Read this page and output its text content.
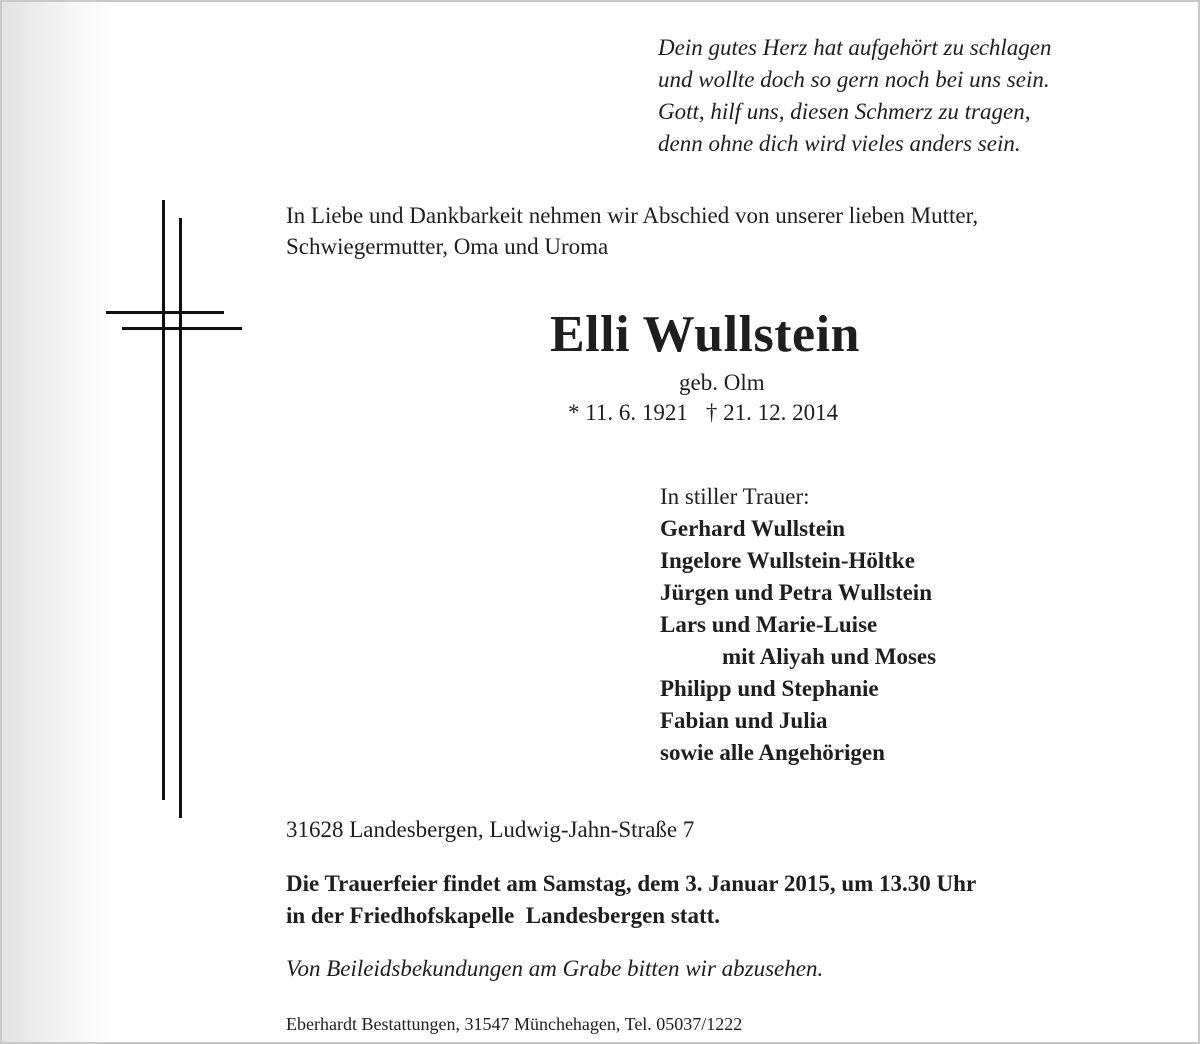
Dein gutes Herz hat aufgehört zu schlagen
und wollte doch so gern noch bei uns sein.
Gott, hilf uns, diesen Schmerz zu tragen,
denn ohne dich wird vieles anders sein.
In Liebe und Dankbarkeit nehmen wir Abschied von unserer lieben Mutter,
Schwiegermutter, Oma und Uroma
Elli Wullstein
geb. Olm
* 11. 6. 1921 † 21. 12. 2014
In stiller Trauer:
Gerhard Wullstein
Ingelore Wullstein-Höltke
Jürgen und Petra Wullstein
Lars und Marie-Luise
mit Aliyah und Moses
Philipp und Stephanie
Fabian und Julia
sowie alle Angehörigen
31628 Landesbergen, Ludwig-Jahn-Straße 7
Die Trauerfeier findet am Samstag, dem 3. Januar 2015, um 13.30 Uhr
in der Friedhofskapelle  Landesbergen statt.
Von Beileidsbekundungen am Grabe bitten wir abzusehen.
Eberhardt Bestattungen, 31547 Münchehagen, Tel. 05037/1222
